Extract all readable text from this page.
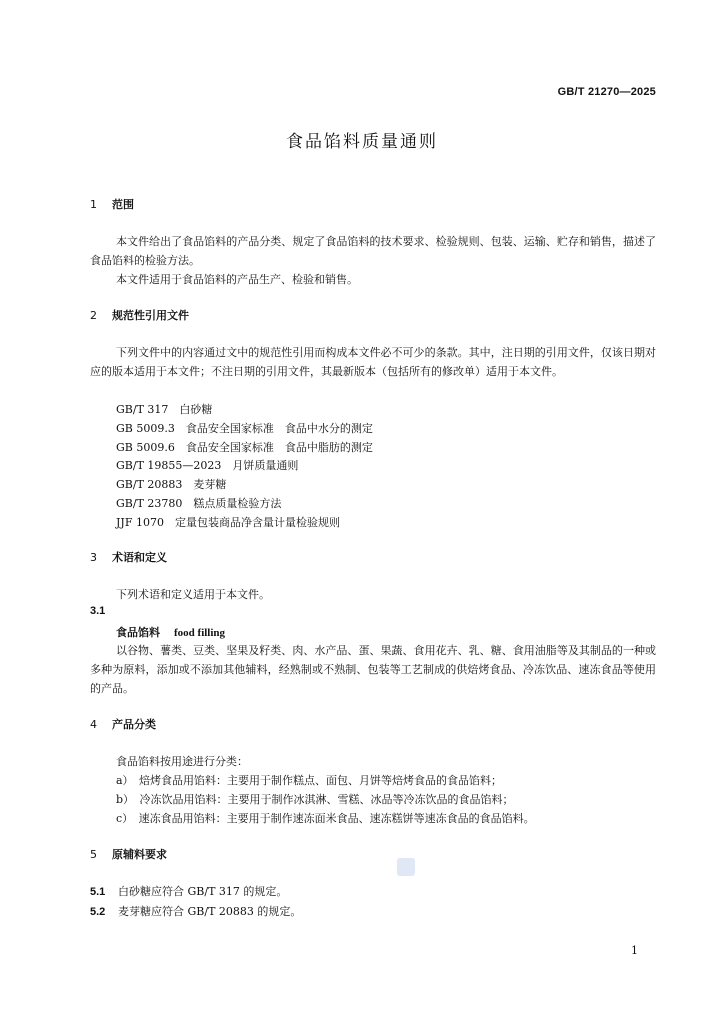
GB/T 21270—2025
食品馅料质量通则
1 范围
本文件给出了食品馅料的产品分类、规定了食品馅料的技术要求、检验规则、包装、运输、贮存和销售，描述了食品馅料的检验方法。
本文件适用于食品馅料的产品生产、检验和销售。
2 规范性引用文件
下列文件中的内容通过文中的规范性引用而构成本文件必不可少的条款。其中，注日期的引用文件，仅该日期对应的版本适用于本文件；不注日期的引用文件，其最新版本（包括所有的修改单）适用于本文件。
GB/T 317　白砂糖
GB 5009.3　食品安全国家标准　食品中水分的测定
GB 5009.6　食品安全国家标准　食品中脂肪的测定
GB/T 19855—2023　月饼质量通则
GB/T 20883　麦芽糖
GB/T 23780　糕点质量检验方法
JJF 1070　定量包装商品净含量计量检验规则
3 术语和定义
下列术语和定义适用于本文件。
3.1
食品馅料 food filling
以谷物、薯类、豆类、坚果及籽类、肉、水产品、蛋、果蔬、食用花卉、乳、糖、食用油脂等及其制品的一种或多种为原料，添加或不添加其他辅料，经熟制或不熟制、包装等工艺制成的供焙烤食品、冷冻饮品、速冻食品等使用的产品。
4 产品分类
食品馅料按用途进行分类：
a）　焙烤食品用馅料：主要用于制作糕点、面包、月饼等焙烤食品的食品馅料；
b）　冷冻饮品用馅料：主要用于制作冰淇淋、雪糕、冰品等冷冻饮品的食品馅料；
c）　速冻食品用馅料：主要用于制作速冻面米食品、速冻糕饼等速冻食品的食品馅料。
5 原辅料要求
5.1 白砂糖应符合 GB/T 317 的规定。
5.2 麦芽糖应符合 GB/T 20883 的规定。
1
